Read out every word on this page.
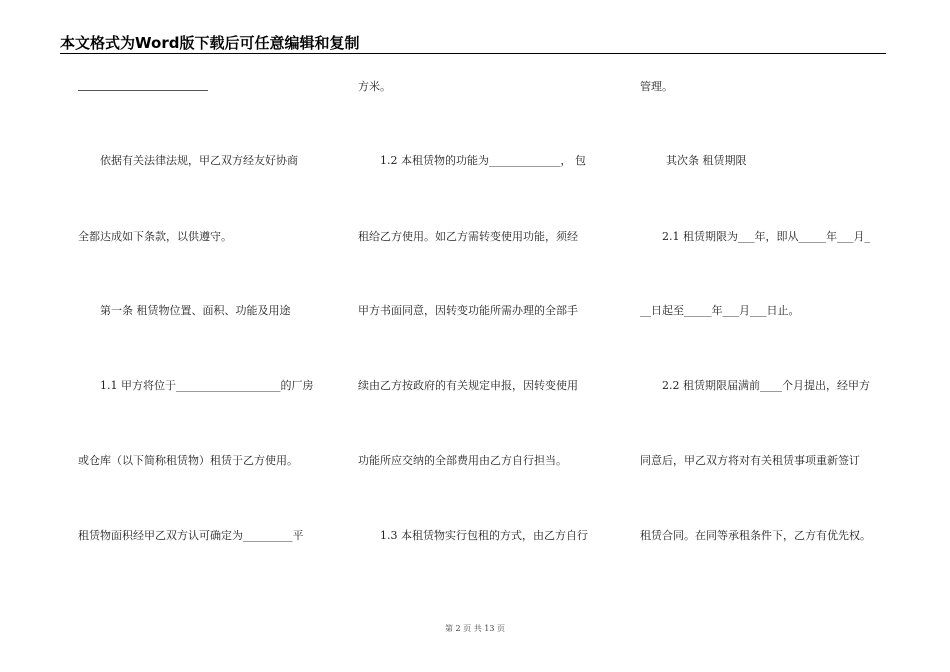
本文格式为Word版下载后可任意编辑和复制
依据有关法律法规，甲乙双方经友好协商
全都达成如下条款，以供遵守。
第一条 租赁物位置、面积、功能及用途
1.1 甲方将位于___________________的厂房
或仓库（以下简称租赁物）租赁于乙方使用。
租赁物面积经甲乙双方认可确定为_________平
方米。
1.2 本租赁物的功能为_____________， 包
租给乙方使用。如乙方需转变使用功能，须经
甲方书面同意，因转变功能所需办理的全部手
续由乙方按政府的有关规定申报，因转变使用
功能所应交纳的全部费用由乙方自行担当。
1.3 本租赁物实行包租的方式，由乙方自行
管理。
其次条 租赁期限
2.1 租赁期限为___年，即从_____年___月_
__日起至_____年___月___日止。
2.2 租赁期限届满前____个月提出，经甲方
同意后，甲乙双方将对有关租赁事项重新签订
租赁合同。在同等承租条件下，乙方有优先权。
第 2 页 共 13 页
